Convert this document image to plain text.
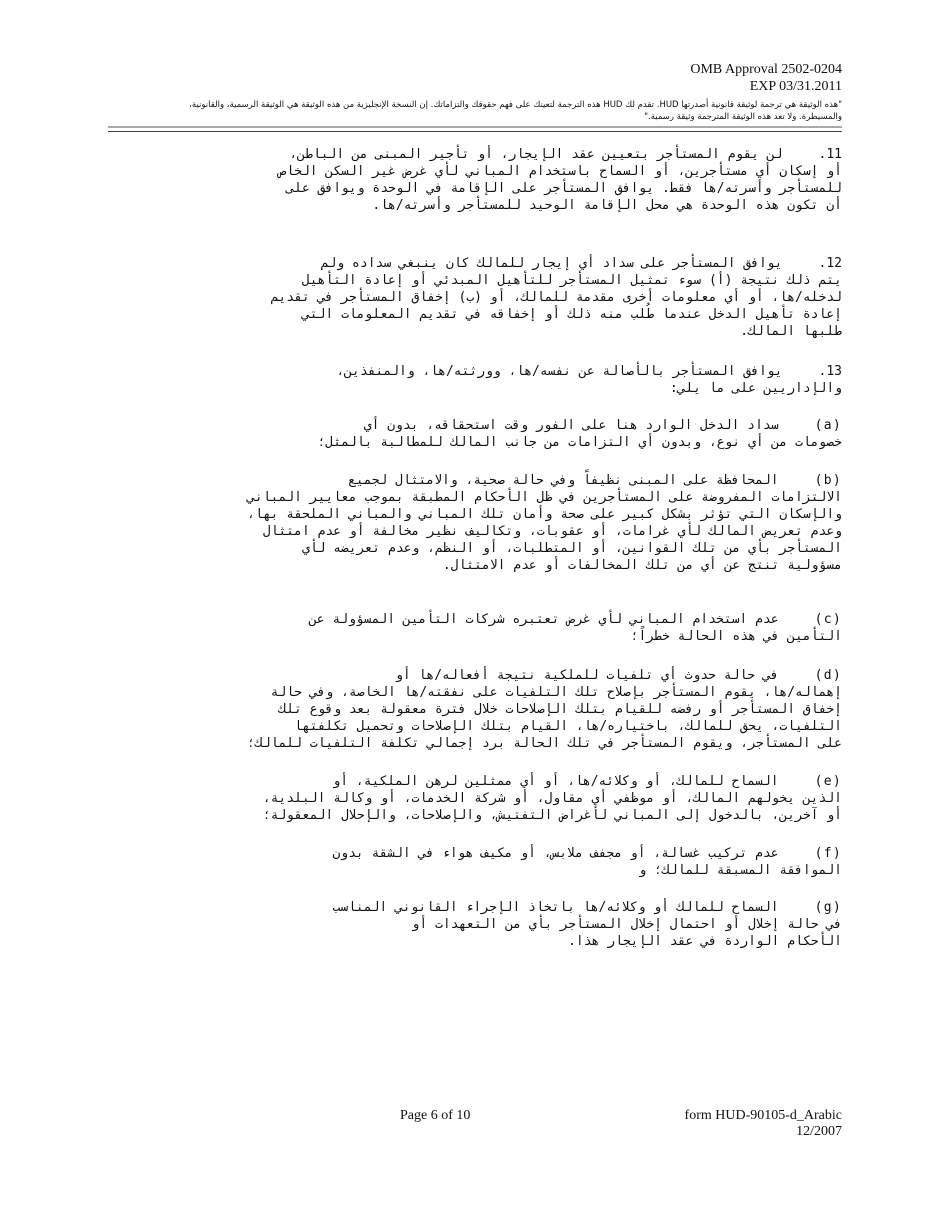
OMB Approval 2502-0204
EXP 03/31.2011
"هذه الوثيقة هي ترجمة لوثيقة قانونية أصدرتها HUD. تقدم لك HUD هذه الترجمة لتعينك على فهم حقوقك والتزاماتك. إن النسخة الإنجليزية من هذه الوثيقة هي الوثيقة الرسمية، والقانونية،
والمسيطرة. ولا تعد هذه الوثيقة المترجمة وثيقة رسمية."
11.لن يقوم المستأجر بتعيين عقد الإيجار، أو تأجير المبنى من الباطن،
أو إسكان أي مستأجرين، أو السماح باستخدام المباني لأي غرض غير السكن الخاص
للمستأجر وأسرته/ها فقط. يوافق المستأجر على الإقامة في الوحدة ويوافق على
أن تكون هذه الوحدة هي محل الإقامة الوحيد للمستأجر وأسرته/ها.
12.يوافق المستأجر على سداد أي إيجار للمالك كان ينبغي سداده ولم
يتم ذلك نتيجة (أ) سوء تمثيل المستأجر للتأهيل المبدئي أو إعادة التأهيل
لدخله/ها، أو أي معلومات أخرى مقدمة للمالك، أو (ب) إخفاق المستأجر في تقديم
إعادة تأهيل الدخل عندما طُلب منه ذلك أو إخفاقه في تقديم المعلومات التي
طلبها المالك.
13.يوافق المستأجر بالأصالة عن نفسه/ها، وورثته/ها، والمنفذين،
والإداريين على ما يلي:
(a)سداد الدخل الوارد هنا على الفور وقت استحقاقه، بدون أي
خصومات من أي نوع، وبدون أي التزامات من جانب المالك للمطالبة بالمثل؛
(b)المحافظة على المبنى نظيفاً وفي حالة صحية، والامتثال لجميع
الالتزامات المفروضة على المستأجرين في ظل الأحكام المطبقة بموجب معايير المباني
والإسكان التي تؤثر بشكل كبير على صحة وأمان تلك المباني والمباني الملحقة بها،
وعدم تعريض المالك لأي غرامات، أو عقوبات، وتكاليف نظير مخالفة أو عدم امتثال
المستأجر بأي من تلك القوانين، أو المتطلبات، أو النظم، وعدم تعريضه لأي
مسؤولية تنتج عن أي من تلك المخالفات أو عدم الامتثال.
(c)عدم استخدام المباني لأي غرض تعتبره شركات التأمين المسؤولة عن
التأمين في هذه الحالة خطراً؛
(d)في حالة حدوث أي تلفيات للملكية نتيجة أفعاله/ها أو
إهماله/ها، يقوم المستأجر بإصلاح تلك التلفيات على نفقته/ها الخاصة، وفي حالة
إخفاق المستأجر أو رفضه للقيام بتلك الإصلاحات خلال فترة معقولة بعد وقوع تلك
التلفيات، يحق للمالك، باختياره/ها، القيام بتلك الإصلاحات وتحميل تكلفتها
على المستأجر، ويقوم المستأجر في تلك الحالة برد إجمالي تكلفة التلفيات للمالك؛
(e)السماح للمالك، أو وكلائه/ها، أو أي ممثلين لرهن الملكية، أو
الذين يخولهم المالك، أو موظفي أي مقاول، أو شركة الخدمات، أو وكالة البلدية،
أو آخرين، بالدخول إلى المباني لأغراض التفتيش، والإصلاحات، والإحلال المعقولة؛
(f)عدم تركيب غسالة، أو مجفف ملابس، أو مكيف هواء في الشقة بدون
الموافقة المسبقة للمالك؛ و
(g)السماح للمالك أو وكلائه/ها باتخاذ الإجراء القانوني المناسب
في حالة إخلال أو احتمال إخلال المستأجر بأي من التعهدات أو
الأحكام الواردة في عقد الإيجار هذا.
Page 6 of 10	form HUD-90105-d_Arabic
12/2007
